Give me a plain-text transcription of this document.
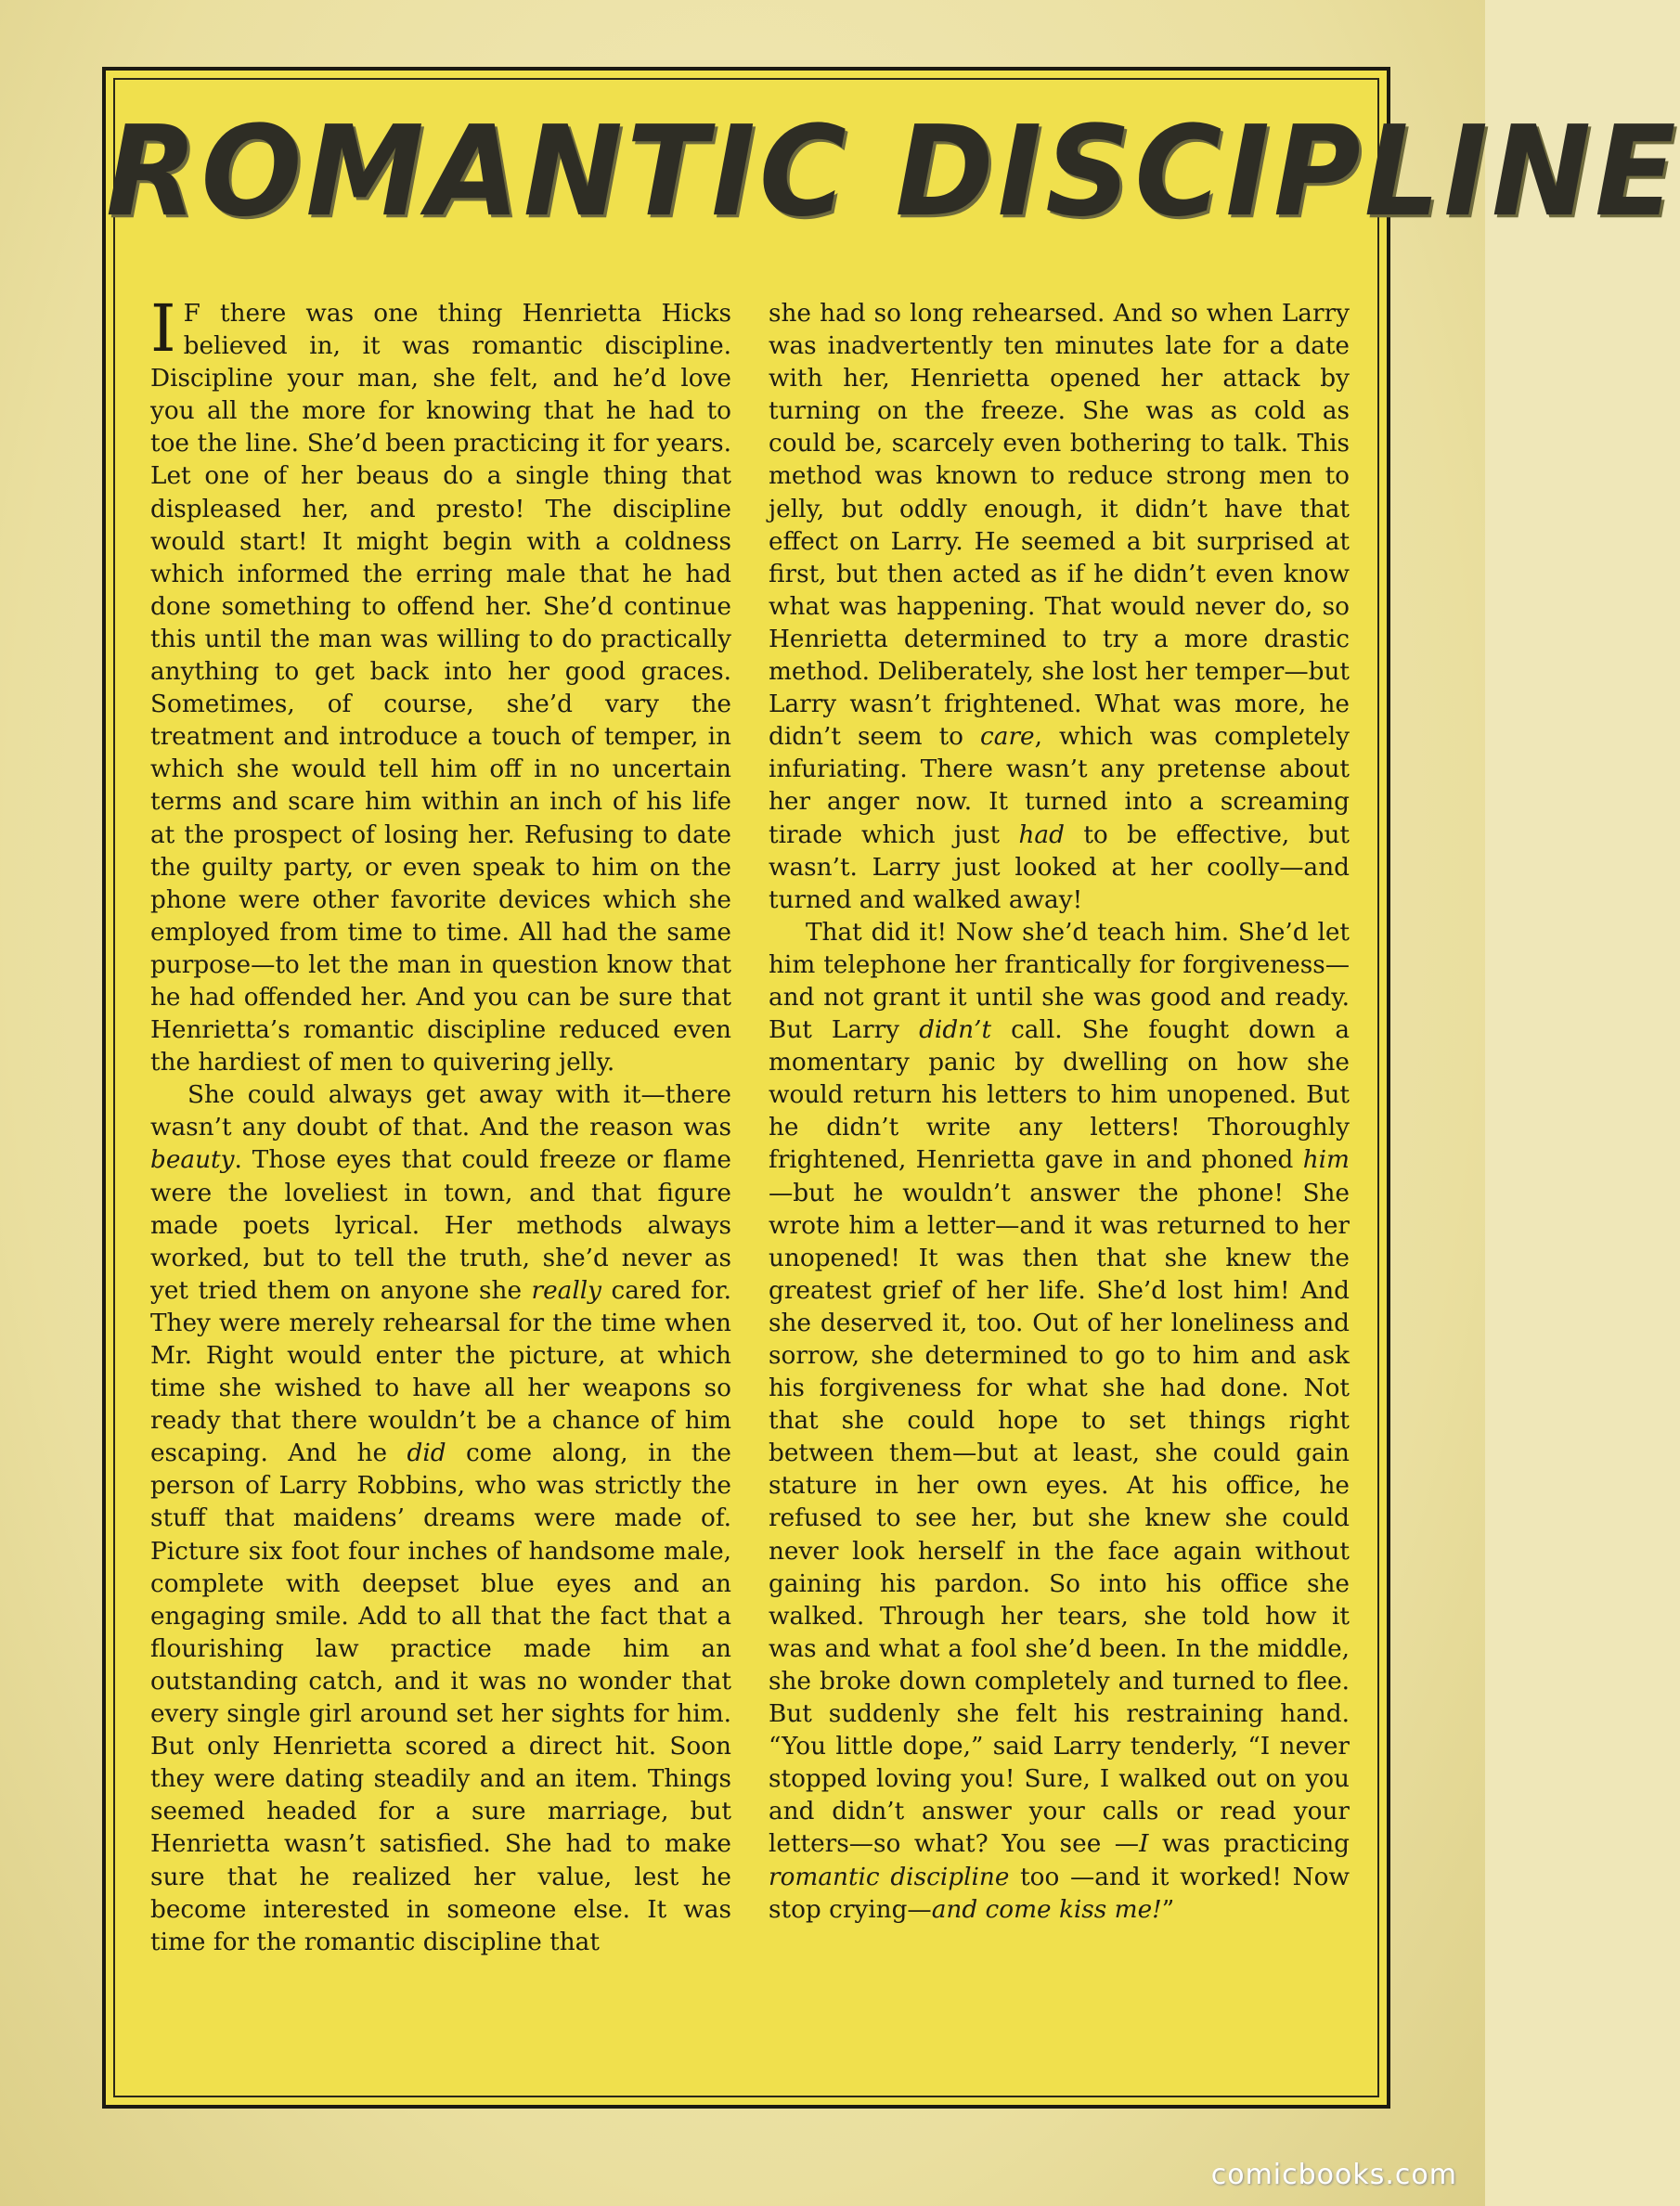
ROMANTIC DISCIPLINE

I F there was one thing Henrietta Hicks believed in, it was romantic discipline. Discipline your man, she felt, and he’d love you all the more for knowing that he had to toe the line. She’d been practicing it for years. Let one of her beaus do a single thing that displeased her, and presto! The discipline would start! It might begin with a coldness which informed the erring male that he had done something to offend her. She’d continue this until the man was willing to do practically anything to get back into her good graces. Sometimes, of course, she’d vary the treatment and introduce a touch of temper, in which she would tell him off in no uncertain terms and scare him within an inch of his life at the prospect of losing her. Refusing to date the guilty party, or even speak to him on the phone were other favorite devices which she employed from time to time. All had the same purpose—to let the man in question know that he had offended her. And you can be sure that Henrietta’s romantic discipline reduced even the hardiest of men to quivering jelly.

She could always get away with it—there wasn’t any doubt of that. And the reason was beauty. Those eyes that could freeze or flame were the loveliest in town, and that figure made poets lyrical. Her methods always worked, but to tell the truth, she’d never as yet tried them on anyone she really cared for. They were merely rehearsal for the time when Mr. Right would enter the picture, at which time she wished to have all her weapons so ready that there wouldn’t be a chance of him escaping. And he did come along, in the person of Larry Robbins, who was strictly the stuff that maidens’ dreams were made of. Picture six foot four inches of handsome male, complete with deepset blue eyes and an engaging smile. Add to all that the fact that a flourishing law practice made him an outstanding catch, and it was no wonder that every single girl around set her sights for him. But only Henrietta scored a direct hit. Soon they were dating steadily and an item. Things seemed headed for a sure marriage, but Henrietta wasn’t satisfied. She had to make sure that he realized her value, lest he become interested in someone else. It was time for the romantic discipline that

she had so long rehearsed. And so when Larry was inadvertently ten minutes late for a date with her, Henrietta opened her attack by turning on the freeze. She was as cold as could be, scarcely even bothering to talk. This method was known to reduce strong men to jelly, but oddly enough, it didn’t have that effect on Larry. He seemed a bit surprised at first, but then acted as if he didn’t even know what was happening. That would never do, so Henrietta determined to try a more drastic method. Deliberately, she lost her temper—but Larry wasn’t frightened. What was more, he didn’t seem to care, which was completely infuriating. There wasn’t any pretense about her anger now. It turned into a screaming tirade which just had to be effective, but wasn’t. Larry just looked at her coolly—and turned and walked away!

That did it! Now she’d teach him. She’d let him telephone her frantically for forgiveness—and not grant it until she was good and ready. But Larry didn’t call. She fought down a momentary panic by dwelling on how she would return his letters to him unopened. But he didn’t write any letters! Thoroughly frightened, Henrietta gave in and phoned him—but he wouldn’t answer the phone! She wrote him a letter—and it was returned to her unopened! It was then that she knew the greatest grief of her life. She’d lost him! And she deserved it, too. Out of her loneliness and sorrow, she determined to go to him and ask his forgiveness for what she had done. Not that she could hope to set things right between them—but at least, she could gain stature in her own eyes. At his office, he refused to see her, but she knew she could never look herself in the face again without gaining his pardon. So into his office she walked. Through her tears, she told how it was and what a fool she’d been. In the middle, she broke down completely and turned to flee. But suddenly she felt his restraining hand. “You little dope,” said Larry tenderly, “I never stopped loving you! Sure, I walked out on you and didn’t answer your calls or read your letters—so what? You see —I was practicing romantic discipline too —and it worked! Now stop crying—and come kiss me!”

comicbooks.com
